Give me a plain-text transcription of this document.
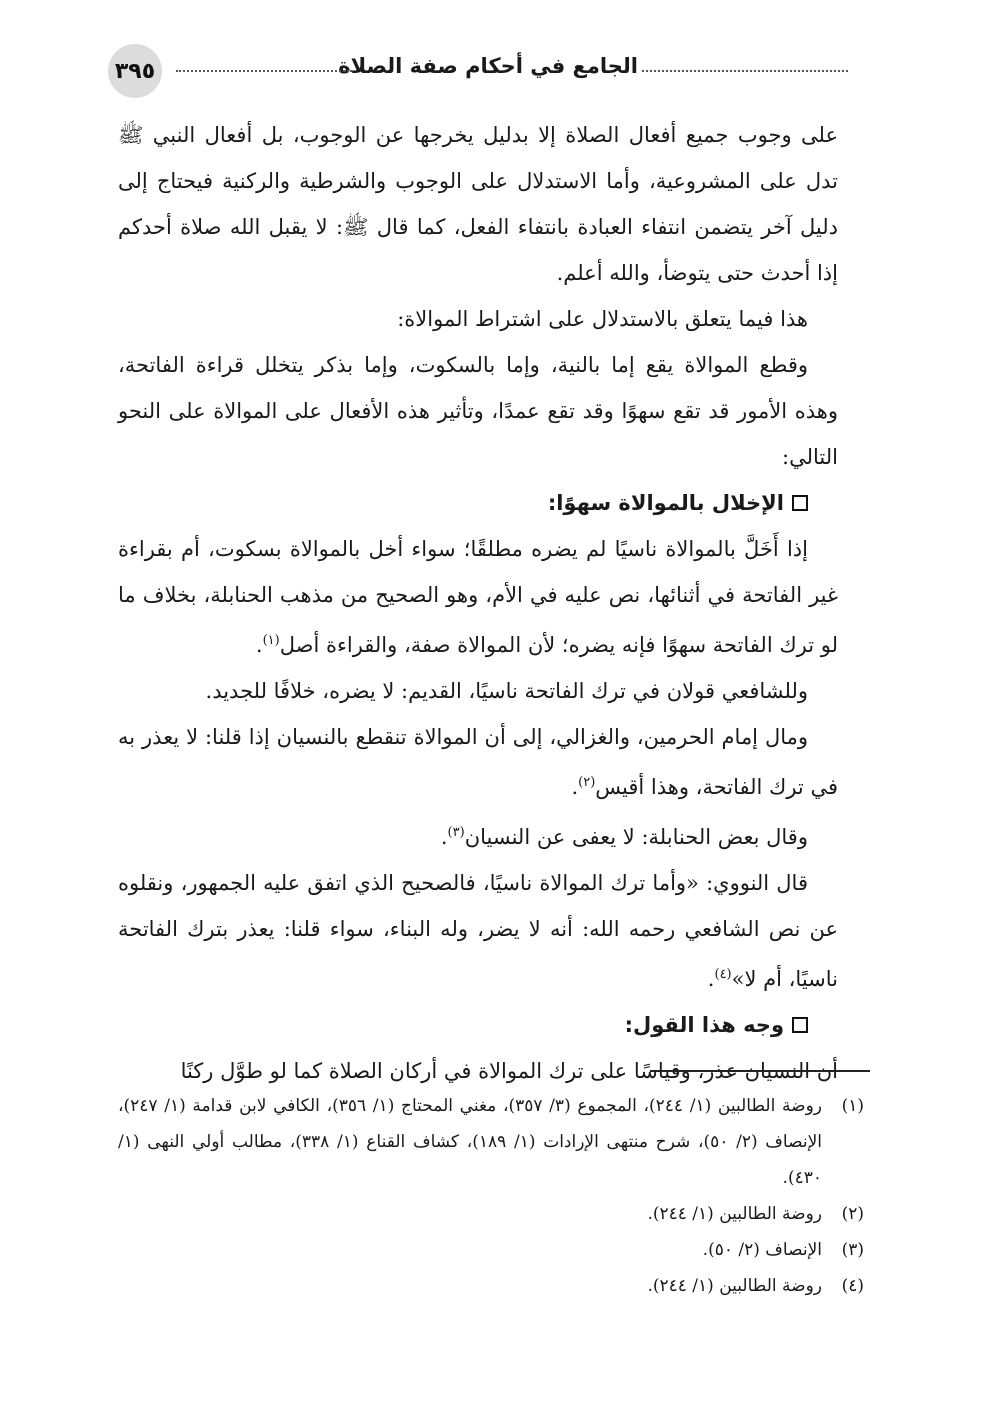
الجامع في أحكام صفة الصلاة
٣٩٥

على وجوب جميع أفعال الصلاة إلا بدليل يخرجها عن الوجوب، بل أفعال النبي ﷺ تدل على المشروعية، وأما الاستدلال على الوجوب والشرطية والركنية فيحتاج إلى دليل آخر يتضمن انتفاء العبادة بانتفاء الفعل، كما قال ﷺ: لا يقبل الله صلاة أحدكم إذا أحدث حتى يتوضأ، والله أعلم.

هذا فيما يتعلق بالاستدلال على اشتراط الموالاة:

وقطع الموالاة يقع إما بالنية، وإما بالسكوت، وإما بذكر يتخلل قراءة الفاتحة، وهذه الأمور قد تقع سهوًا وقد تقع عمدًا، وتأثير هذه الأفعال على الموالاة على النحو التالي:

الإخلال بالموالاة سهوًا:

إذا أَخَلَّ بالموالاة ناسيًا لم يضره مطلقًا؛ سواء أخل بالموالاة بسكوت، أم بقراءة غير الفاتحة في أثنائها، نص عليه في الأم، وهو الصحيح من مذهب الحنابلة، بخلاف ما لو ترك الفاتحة سهوًا فإنه يضره؛ لأن الموالاة صفة، والقراءة أصل$^{(١)}$.

وللشافعي قولان في ترك الفاتحة ناسيًا، القديم: لا يضره، خلافًا للجديد.

ومال إمام الحرمين، والغزالي، إلى أن الموالاة تنقطع بالنسيان إذا قلنا: لا يعذر به في ترك الفاتحة، وهذا أقيس$^{(٢)}$.

وقال بعض الحنابلة: لا يعفى عن النسيان$^{(٣)}$.

قال النووي: «وأما ترك الموالاة ناسيًا، فالصحيح الذي اتفق عليه الجمهور، ونقلوه عن نص الشافعي رحمه الله: أنه لا يضر، وله البناء، سواء قلنا: يعذر بترك الفاتحة ناسيًا، أم لا»$^{(٤)}$.

وجه هذا القول:

أن النسيان عذر، وقياسًا على ترك الموالاة في أركان الصلاة كما لو طوَّل ركنًا

(١)
روضة الطالبين (١/ ٢٤٤)، المجموع (٣/ ٣٥٧)، مغني المحتاج (١/ ٣٥٦)، الكافي لابن قدامة (١/ ٢٤٧)، الإنصاف (٢/ ٥٠)، شرح منتهى الإرادات (١/ ١٨٩)، كشاف القناع (١/ ٣٣٨)، مطالب أولي النهى (١/ ٤٣٠).

(٢)
روضة الطالبين (١/ ٢٤٤).

(٣)
الإنصاف (٢/ ٥٠).

(٤)
روضة الطالبين (١/ ٢٤٤).
